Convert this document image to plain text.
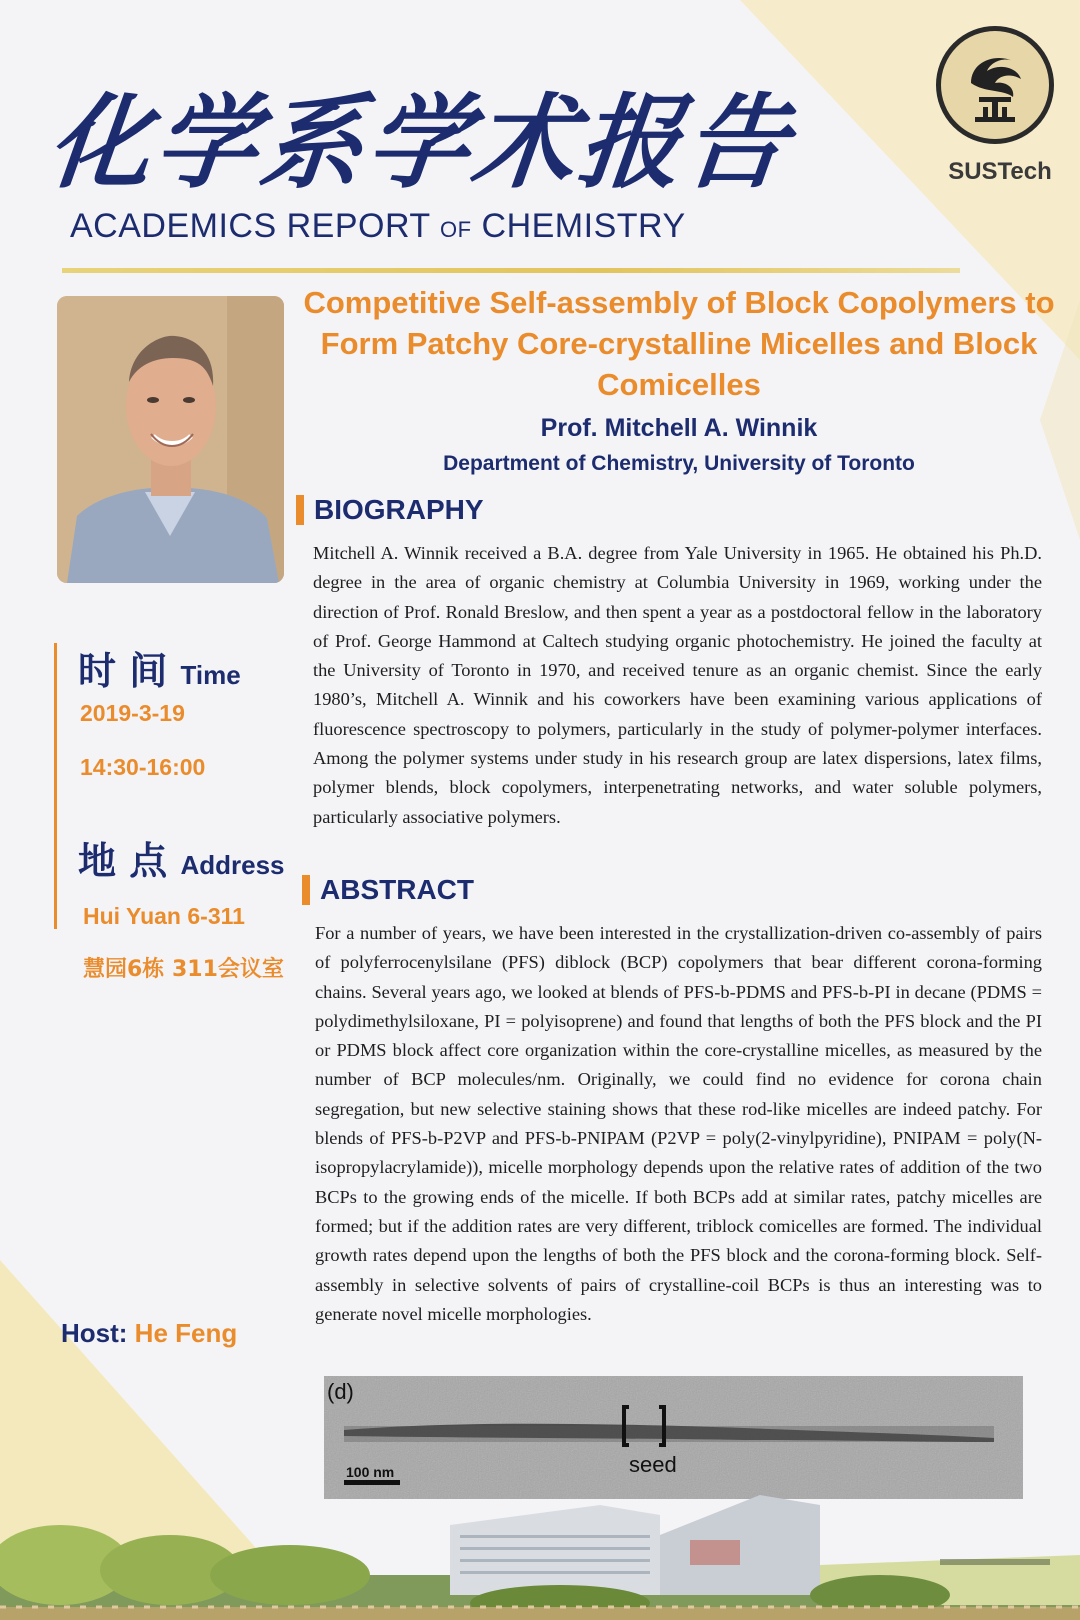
化学系学术报告
ACADEMICS REPORT OF CHEMISTRY
SUSTech
Competitive Self-assembly of Block Copolymers to Form Patchy Core-crystalline Micelles and Block Comicelles
Prof. Mitchell A. Winnik
Department of Chemistry, University of Toronto
BIOGRAPHY
Mitchell A. Winnik received a B.A. degree from Yale University in 1965. He obtained his Ph.D. degree in the area of organic chemistry at Columbia University in 1969, working under the direction of Prof. Ronald Breslow, and then spent a year as a postdoctoral fellow in the laboratory of Prof. George Hammond at Caltech studying organic photochemistry. He joined the faculty at the University of Toronto in 1970, and received tenure as an organic chemist. Since the early 1980’s, Mitchell A. Winnik and his coworkers have been examining various applications of fluorescence spectroscopy to polymers, particularly in the study of polymer-polymer interfaces. Among the polymer systems under study in his research group are latex dispersions, latex films, polymer blends, block copolymers, interpenetrating networks, and water soluble polymers, particularly associative polymers.
ABSTRACT
For a number of years, we have been interested in the crystallization-driven co-assembly of pairs of polyferrocenylsilane (PFS) diblock (BCP) copolymers that bear different corona-forming chains. Several years ago, we looked at blends of PFS-b-PDMS and PFS-b-PI in decane (PDMS = polydimethylsiloxane, PI = polyisoprene) and found that lengths of both the PFS block and the PI or PDMS block affect core organization within the core-crystalline micelles, as measured by the number of BCP molecules/nm. Originally, we could find no evidence for corona chain segregation, but new selective staining shows that these rod-like micelles are indeed patchy. For blends of PFS-b-P2VP and PFS-b-PNIPAM (P2VP = poly(2-vinylpyridine), PNIPAM = poly(N-isopropylacrylamide)), micelle morphology depends upon the relative rates of addition of the two BCPs to the growing ends of the micelle. If both BCPs add at similar rates, patchy micelles are formed; but if the addition rates are very different, triblock comicelles are formed. The individual growth rates depend upon the lengths of both the PFS block and the corona-forming block. Self-assembly in selective solvents of pairs of crystalline-coil BCPs is thus an interesting was to generate novel micelle morphologies.
时 间 Time
2019-3-19
14:30-16:00
地 点 Address
Hui Yuan 6-311
慧园6栋 311会议室
Host: He Feng
(d)
seed
100 nm
